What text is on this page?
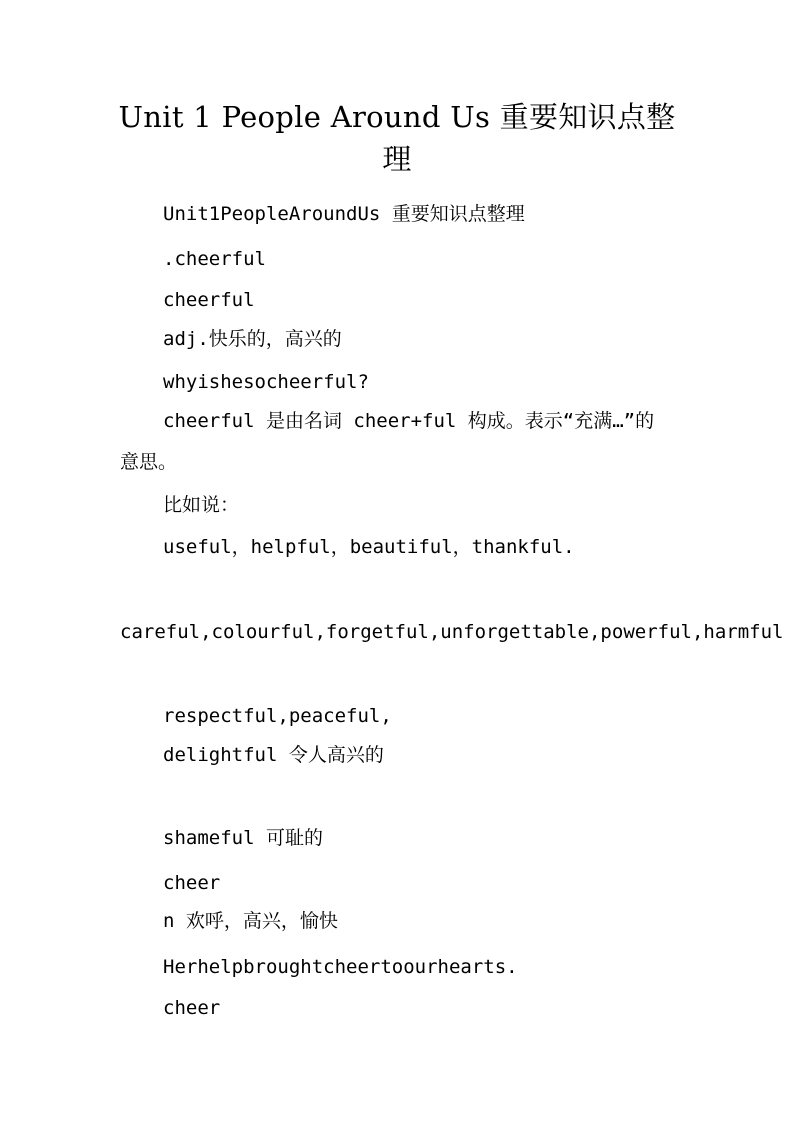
Unit 1 People Around Us 重要知识点整理

Unit1PeopleAroundUs 重要知识点整理

.cheerful

cheerful

adj.快乐的，高兴的

whyishesocheerful?

cheerful 是由名词 cheer+ful 构成。表示“充满…”的意思。

比如说：

useful，helpful，beautiful，thankful.

careful,colourful,forgetful,unforgettable,powerful,harmful

respectful,peaceful,

delightful 令人高兴的

shameful 可耻的

cheer

n 欢呼，高兴，愉快

Herhelpbroughtcheertoourhearts.

cheer
